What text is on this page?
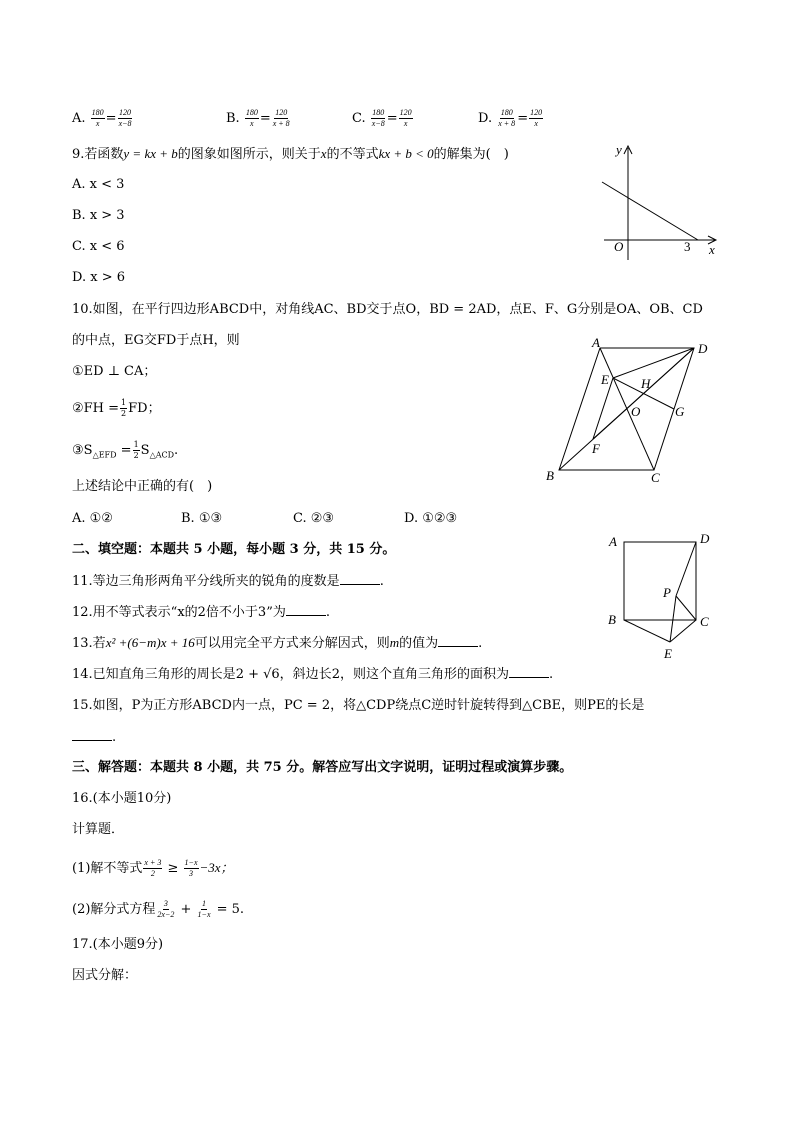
A. $\frac{180}{x} = \frac{120}{x-8}$	B. $\frac{180}{x} = \frac{120}{x + 8}$	C. $\frac{180}{x-8} = \frac{120}{x}$	D. $\frac{180}{x + 8} = \frac{120}{x}$
9.若函数y = kx + b的图象如图所示，则关于x的不等式kx + b < 0的解集为(　)
A. x < 3
B. x > 3
C. x < 6
D. x > 6
y
x
O	3
10.如图，在平行四边形ABCD中，对角线AC、BD交于点O，BD = 2AD，点E、F、G分别是OA、OB、CD
的中点，EG交FD于点H，则
①ED ⊥ CA；
②FH = $\frac{1}{2}$ FD；
$③S_{\triangle EFD} = \frac{1}{2} S_{\triangle ACD}$.
上述结论中正确的有(　)
A. ①②	B. ①③	C. ②③	D. ①②③
A	D
B	C
E H
O	G
F
二、填空题：本题共 5 小题，每小题 3 分，共 15 分。
11.等边三角形两角平分线所夹的锐角的度数是	.
12.用不等式表示“x的2倍不小于3”为	.
13.若x² +(6−m)x + 16可以用完全平方式来分解因式，则m的值为	.
14.已知直角三角形的周长是2 + √6，斜边长2，则这个直角三角形的面积为	.
15.如图，P为正方形ABCD内一点，PC = 2，将△CDP绕点C逆时针旋转得到△CBE，则PE的长是
.
A	D
B	C
P
E
三、解答题：本题共 8 小题，共 75 分。解答应写出文字说明，证明过程或演算步骤。
16.(本小题10分)
计算题．
(1)解不等式 $\frac{x + 3}{2} \ge \frac{1-x}{3} -3x$；
(2)解分式方程 $\frac{3}{2x-2} + \frac{1}{1-x} = 5$.
17.(本小题9分)
因式分解：
